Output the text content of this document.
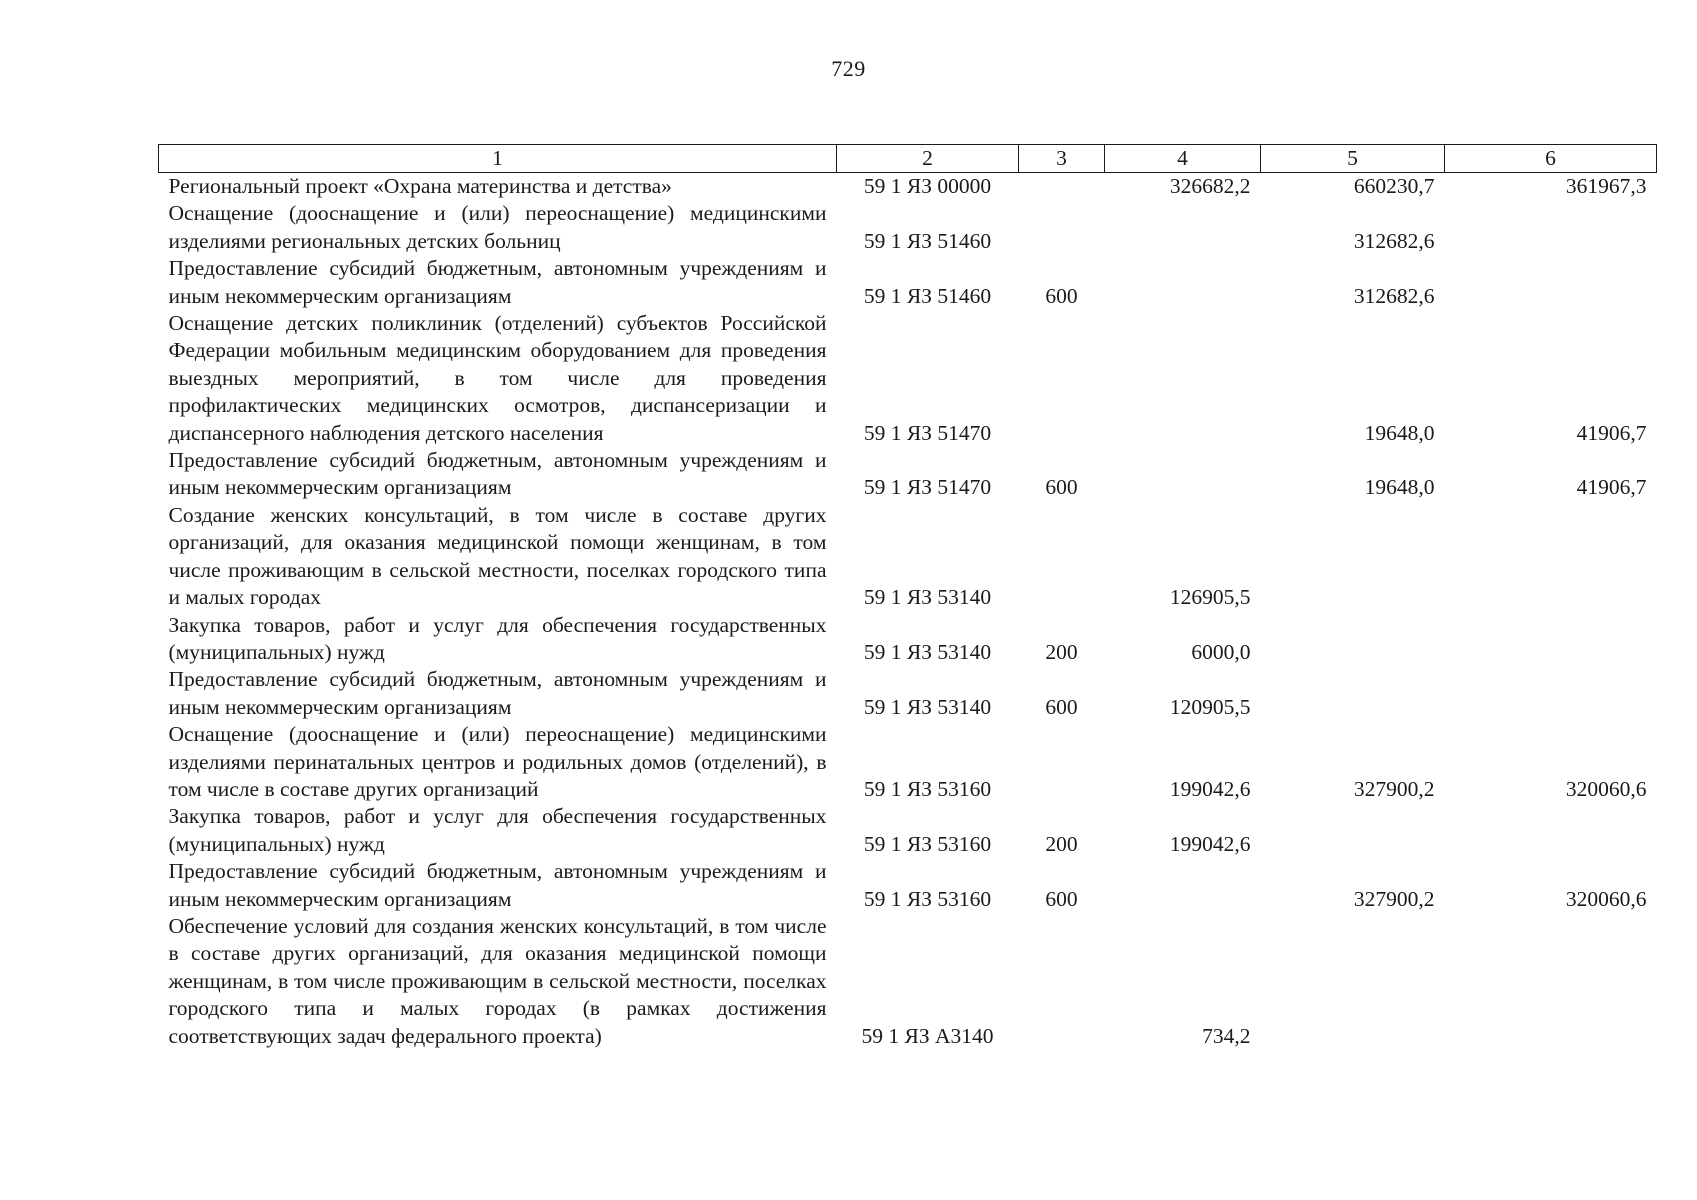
729
1	2	3	4	5	6
Региональный проект «Охрана материнства и детства»	59 1 ЯЗ 00000		326682,2	660230,7	361967,3
Оснащение (дооснащение и (или) переоснащение) медицинскими изделиями региональных детских больниц	59 1 ЯЗ 51460			312682,6	
Предоставление субсидий бюджетным, автономным учреждениям и иным некоммерческим организациям	59 1 ЯЗ 51460	600		312682,6	
Оснащение детских поликлиник (отделений) субъектов Российской Федерации мобильным медицинским оборудованием для проведения выездных мероприятий, в том числе для проведения профилактических медицинских осмотров, диспансеризации и диспансерного наблюдения детского населения	59 1 ЯЗ 51470			19648,0	41906,7
Предоставление субсидий бюджетным, автономным учреждениям и иным некоммерческим организациям	59 1 ЯЗ 51470	600		19648,0	41906,7
Создание женских консультаций, в том числе в составе других организаций, для оказания медицинской помощи женщинам, в том числе проживающим в сельской местности, поселках городского типа и малых городах	59 1 ЯЗ 53140		126905,5		
Закупка товаров, работ и услуг для обеспечения государственных (муниципальных) нужд	59 1 ЯЗ 53140	200	6000,0		
Предоставление субсидий бюджетным, автономным учреждениям и иным некоммерческим организациям	59 1 ЯЗ 53140	600	120905,5		
Оснащение (дооснащение и (или) переоснащение) медицинскими изделиями перинатальных центров и родильных домов (отделений), в том числе в составе других организаций	59 1 ЯЗ 53160		199042,6	327900,2	320060,6
Закупка товаров, работ и услуг для обеспечения государственных (муниципальных) нужд	59 1 ЯЗ 53160	200	199042,6		
Предоставление субсидий бюджетным, автономным учреждениям и иным некоммерческим организациям	59 1 ЯЗ 53160	600		327900,2	320060,6
Обеспечение условий для создания женских консультаций, в том числе в составе других организаций, для оказания медицинской помощи женщинам, в том числе проживающим в сельской местности, поселках городского типа и малых городах (в рамках достижения соответствующих задач федерального проекта)	59 1 ЯЗ А3140		734,2		
